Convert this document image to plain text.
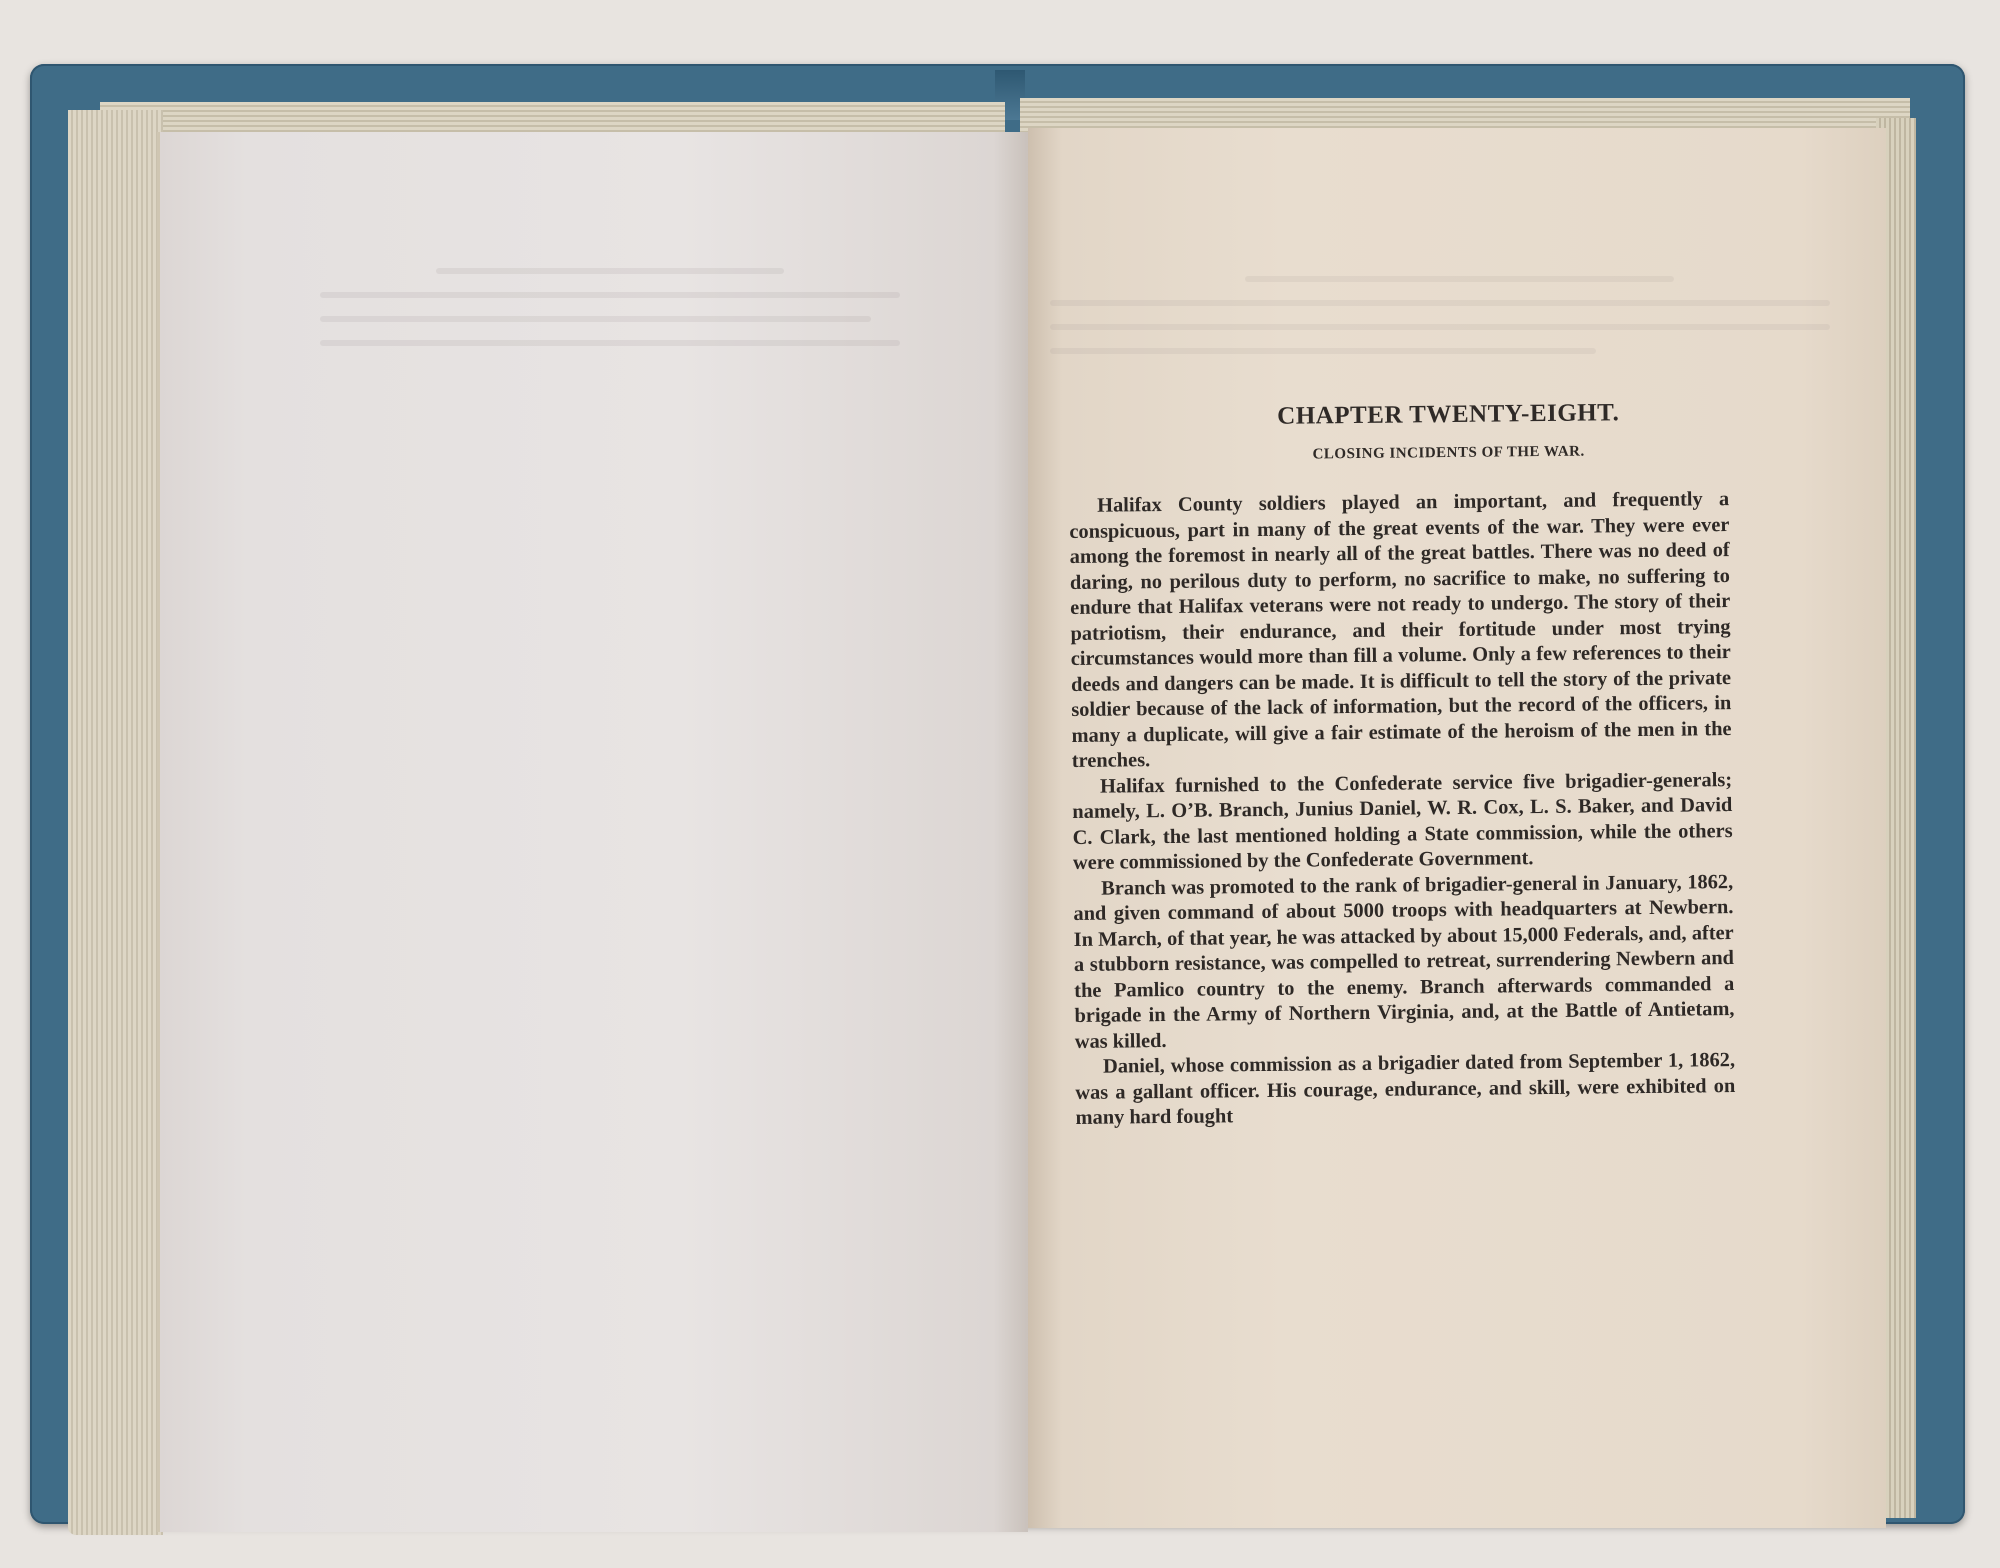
CHAPTER TWENTY-EIGHT.
CLOSING INCIDENTS OF THE WAR.

Halifax County soldiers played an important, and frequently a conspicuous, part in many of the great events of the war. They were ever among the foremost in nearly all of the great battles. There was no deed of daring, no perilous duty to perform, no sacrifice to make, no suffering to endure that Halifax veterans were not ready to undergo. The story of their patriotism, their endurance, and their fortitude under most trying circumstances would more than fill a volume. Only a few references to their deeds and dangers can be made. It is difficult to tell the story of the private soldier because of the lack of information, but the record of the officers, in many a duplicate, will give a fair estimate of the heroism of the men in the trenches.

Halifax furnished to the Confederate service five brigadier-generals; namely, L. O’B. Branch, Junius Daniel, W. R. Cox, L. S. Baker, and David C. Clark, the last mentioned holding a State commission, while the others were commissioned by the Confederate Government.

Branch was promoted to the rank of brigadier-general in January, 1862, and given command of about 5000 troops with headquarters at Newbern. In March, of that year, he was attacked by about 15,000 Federals, and, after a stubborn resistance, was compelled to retreat, surrendering Newbern and the Pamlico country to the enemy. Branch afterwards commanded a brigade in the Army of Northern Virginia, and, at the Battle of Antietam, was killed.

Daniel, whose commission as a brigadier dated from September 1, 1862, was a gallant officer. His courage, endurance, and skill, were exhibited on many hard fought
